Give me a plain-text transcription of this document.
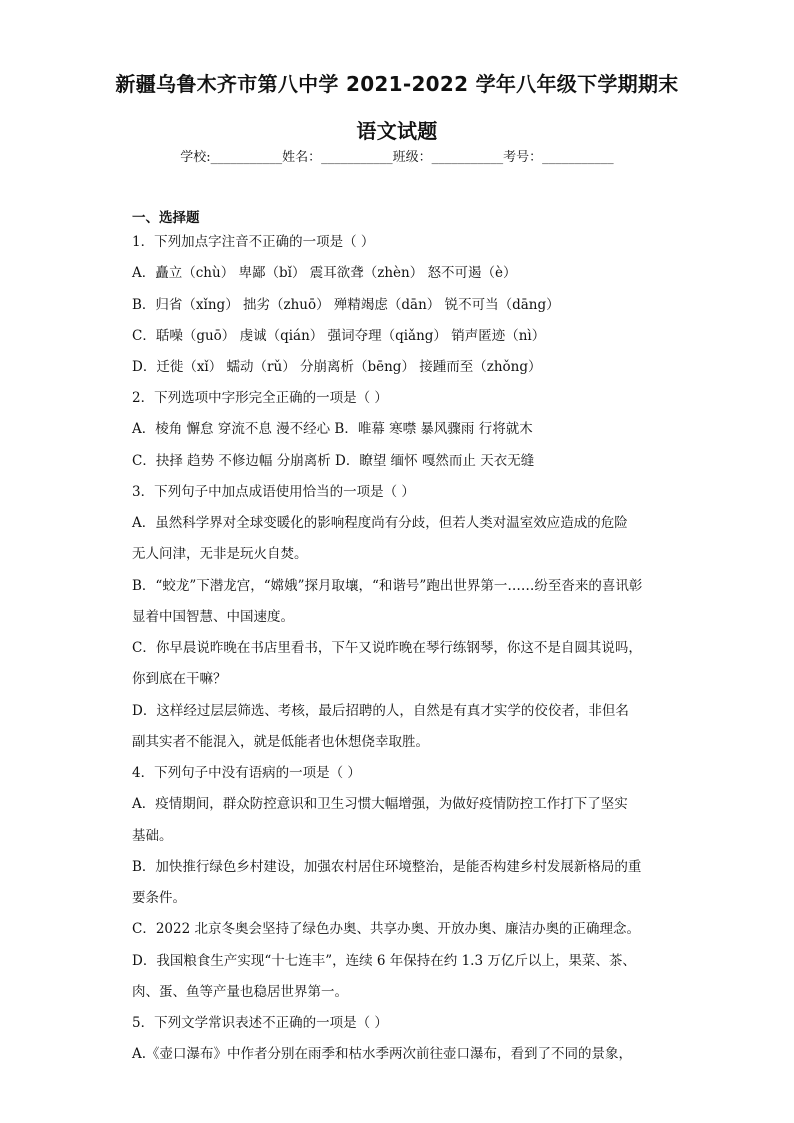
新疆乌鲁木齐市第八中学 2021-2022 学年八年级下学期期末
语文试题
学校:___________姓名：___________班级：___________考号：___________
一、选择题
1．下列加点字注音不正确的一项是（ ）
A．矗立（chù） 卑鄙（bǐ） 震耳欲聋（zhèn） 怒不可遏（è）
B．归省（xǐng） 拙劣（zhuō） 殚精竭虑（dān） 锐不可当（dāng）
C．聒噪（guō） 虔诚（qián） 强词夺理（qiǎng） 销声匿迹（nì）
D．迁徙（xǐ） 蠕动（rǔ） 分崩离析（bēng） 接踵而至（zhǒng）
2．下列选项中字形完全正确的一项是（ ）
A．棱角 懈怠 穿流不息 漫不经心 B．唯幕 寒噤 暴风骤雨 行将就木
C．抉择 趋势 不修边幅 分崩离析 D．瞭望 缅怀 嘎然而止 天衣无缝
3．下列句子中加点成语使用恰当的一项是（ ）
A．虽然科学界对全球变暖化的影响程度尚有分歧，但若人类对温室效应造成的危险
无人问津，无非是玩火自焚。
B．“蛟龙”下潜龙宫，“嫦娥”探月取壤，“和谐号”跑出世界第一……纷至沓来的喜讯彰
显着中国智慧、中国速度。
C．你早晨说昨晚在书店里看书，下午又说昨晚在琴行练钢琴，你这不是自圆其说吗，
你到底在干嘛？
D．这样经过层层筛选、考核，最后招聘的人，自然是有真才实学的佼佼者，非但名
副其实者不能混入，就是低能者也休想侥幸取胜。
4．下列句子中没有语病的一项是（ ）
A．疫情期间，群众防控意识和卫生习惯大幅增强，为做好疫情防控工作打下了坚实
基础。
B．加快推行绿色乡村建设，加强农村居住环境整治，是能否构建乡村发展新格局的重
要条件。
C．2022 北京冬奥会坚持了绿色办奥、共享办奥、开放办奥、廉洁办奥的正确理念。
D．我国粮食生产实现“十七连丰”，连续 6 年保持在约 1.3 万亿斤以上，果菜、茶、
肉、蛋、鱼等产量也稳居世界第一。
5．下列文学常识表述不正确的一项是（ ）
A.《壶口瀑布》中作者分别在雨季和枯水季两次前往壶口瀑布，看到了不同的景象，
